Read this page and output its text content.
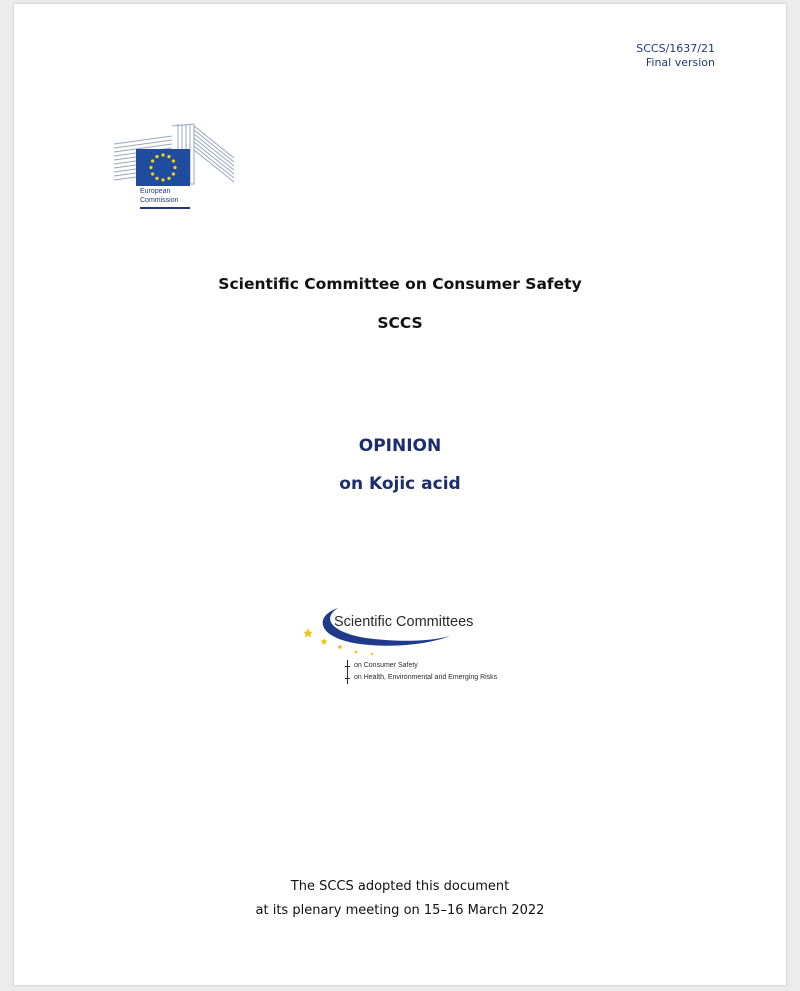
SCCS/1637/21
Final version
European
Commission
Scientific Committee on Consumer Safety
SCCS
OPINION
on Kojic acid
Scientific Committees
on Consumer Safety
on Health, Environmental and Emerging Risks
The SCCS adopted this document
at its plenary meeting on 15–16 March 2022
